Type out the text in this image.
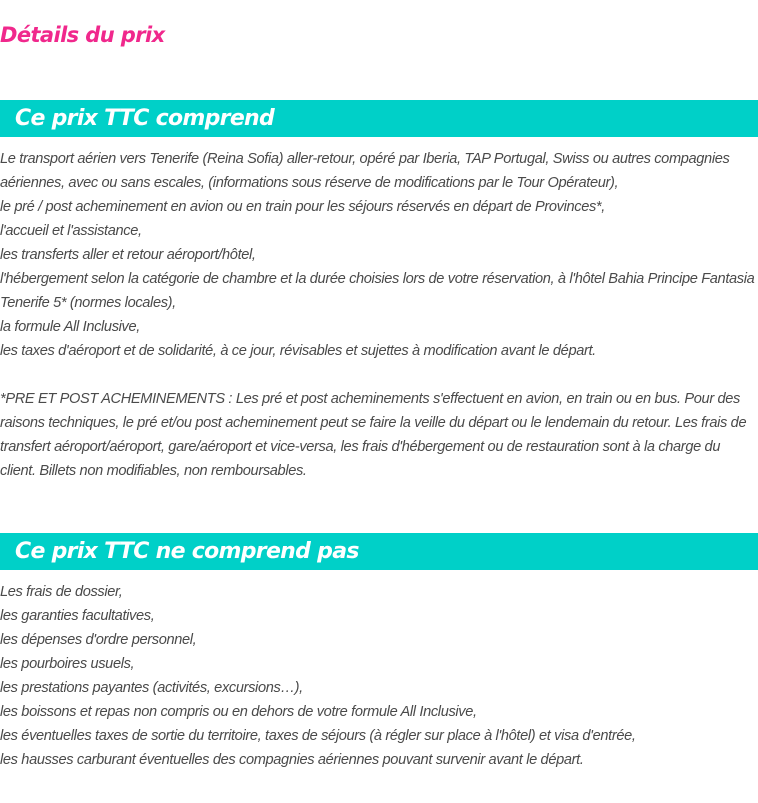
Détails du prix
Ce prix TTC comprend

Le transport aérien vers Tenerife (Reina Sofia) aller-retour, opéré par Iberia, TAP Portugal, Swiss ou autres compagnies aériennes, avec ou sans escales, (informations sous réserve de modifications par le Tour Opérateur),

le pré / post acheminement en avion ou en train pour les séjours réservés en départ de Provinces*,

l'accueil et l'assistance,

les transferts aller et retour aéroport/hôtel,

l'hébergement selon la catégorie de chambre et la durée choisies lors de votre réservation, à l'hôtel Bahia Principe Fantasia Tenerife 5* (normes locales),

la formule All Inclusive,

les taxes d'aéroport et de solidarité, à ce jour, révisables et sujettes à modification avant le départ.

*PRE ET POST ACHEMINEMENTS : Les pré et post acheminements s'effectuent en avion, en train ou en bus. Pour des raisons techniques, le pré et/ou post acheminement peut se faire la veille du départ ou le lendemain du retour. Les frais de transfert aéroport/aéroport, gare/aéroport et vice-versa, les frais d'hébergement ou de restauration sont à la charge du client. Billets non modifiables, non remboursables.

Ce prix TTC ne comprend pas

Les frais de dossier,

les garanties facultatives,

les dépenses d'ordre personnel,

les pourboires usuels,

les prestations payantes (activités, excursions…),

les boissons et repas non compris ou en dehors de votre formule All Inclusive,

les éventuelles taxes de sortie du territoire, taxes de séjours (à régler sur place à l'hôtel) et visa d'entrée,

les hausses carburant éventuelles des compagnies aériennes pouvant survenir avant le départ.
